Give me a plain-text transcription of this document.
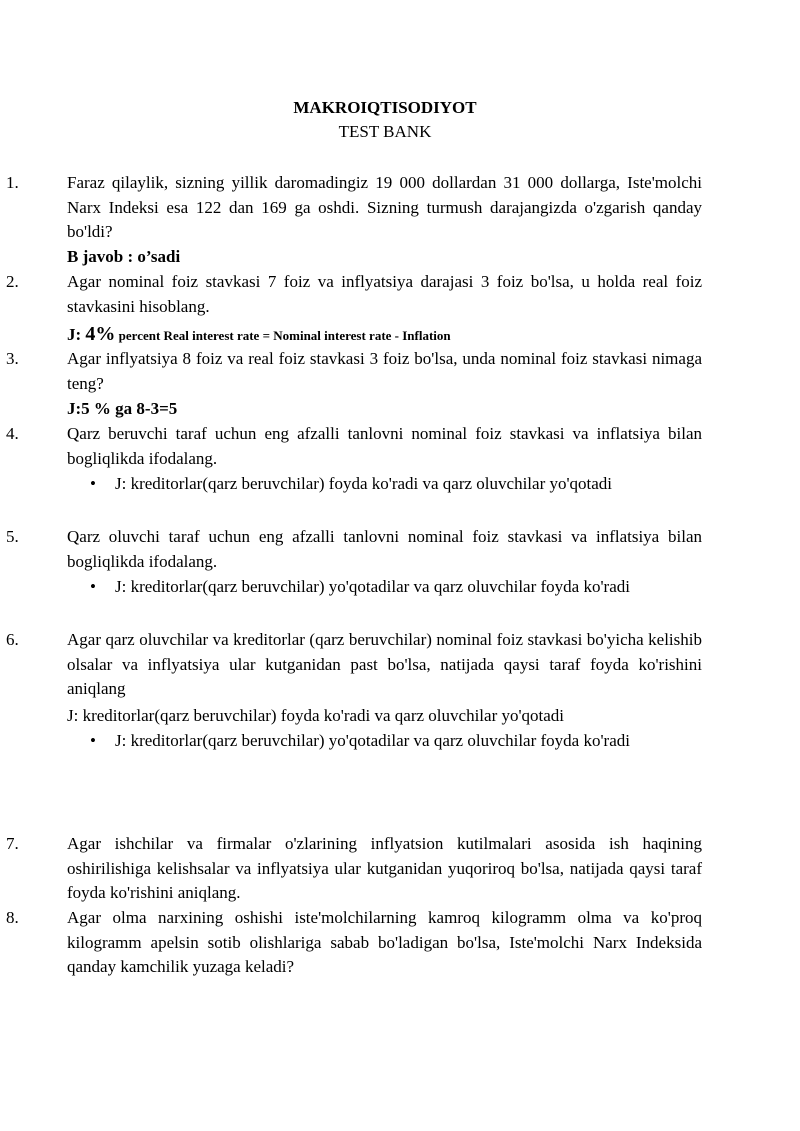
MAKROIQTISODIYOT
TEST BANK
1.	Faraz qilaylik, sizning yillik daromadingiz 19 000 dollardan 31 000 dollarga, Iste'molchi Narx Indeksi esa 122 dan 169 ga oshdi. Sizning turmush darajangizda o'zgarish qanday bo'ldi?
B javob : o’sadi
2.	Agar nominal foiz stavkasi 7 foiz va inflyatsiya darajasi 3 foiz bo'lsa, u holda real foiz stavkasini hisoblang.
J: 4% percent Real interest rate = Nominal interest rate - Inflation
3.	Agar inflyatsiya 8 foiz va real foiz stavkasi 3 foiz bo'lsa, unda nominal foiz stavkasi nimaga teng?
J:5 % ga 8-3=5
4.	Qarz beruvchi taraf uchun eng afzalli tanlovni nominal foiz stavkasi va inflatsiya bilan bogliqlikda ifodalang.
• J: kreditorlar(qarz beruvchilar) foyda ko'radi va qarz oluvchilar yo'qotadi
5.	Qarz oluvchi taraf uchun eng afzalli tanlovni nominal foiz stavkasi va inflatsiya bilan bogliqlikda ifodalang.
• J: kreditorlar(qarz beruvchilar) yo'qotadilar va qarz oluvchilar foyda ko'radi
6.	Agar qarz oluvchilar va kreditorlar (qarz beruvchilar) nominal foiz stavkasi bo'yicha kelishib olsalar va inflyatsiya ular kutganidan past bo'lsa, natijada qaysi taraf foyda ko'rishini aniqlang
J: kreditorlar(qarz beruvchilar) foyda ko'radi va qarz oluvchilar yo'qotadi
• J: kreditorlar(qarz beruvchilar) yo'qotadilar va qarz oluvchilar foyda ko'radi
7.	Agar ishchilar va firmalar o'zlarining inflyatsion kutilmalari asosida ish haqining oshirilishiga kelishsalar va inflyatsiya ular kutganidan yuqoriroq bo'lsa, natijada qaysi taraf foyda ko'rishini aniqlang.
8.	Agar olma narxining oshishi iste'molchilarning kamroq kilogramm olma va ko'proq kilogramm apelsin sotib olishlariga sabab bo'ladigan bo'lsa, Iste'molchi Narx Indeksida qanday kamchilik yuzaga keladi?
